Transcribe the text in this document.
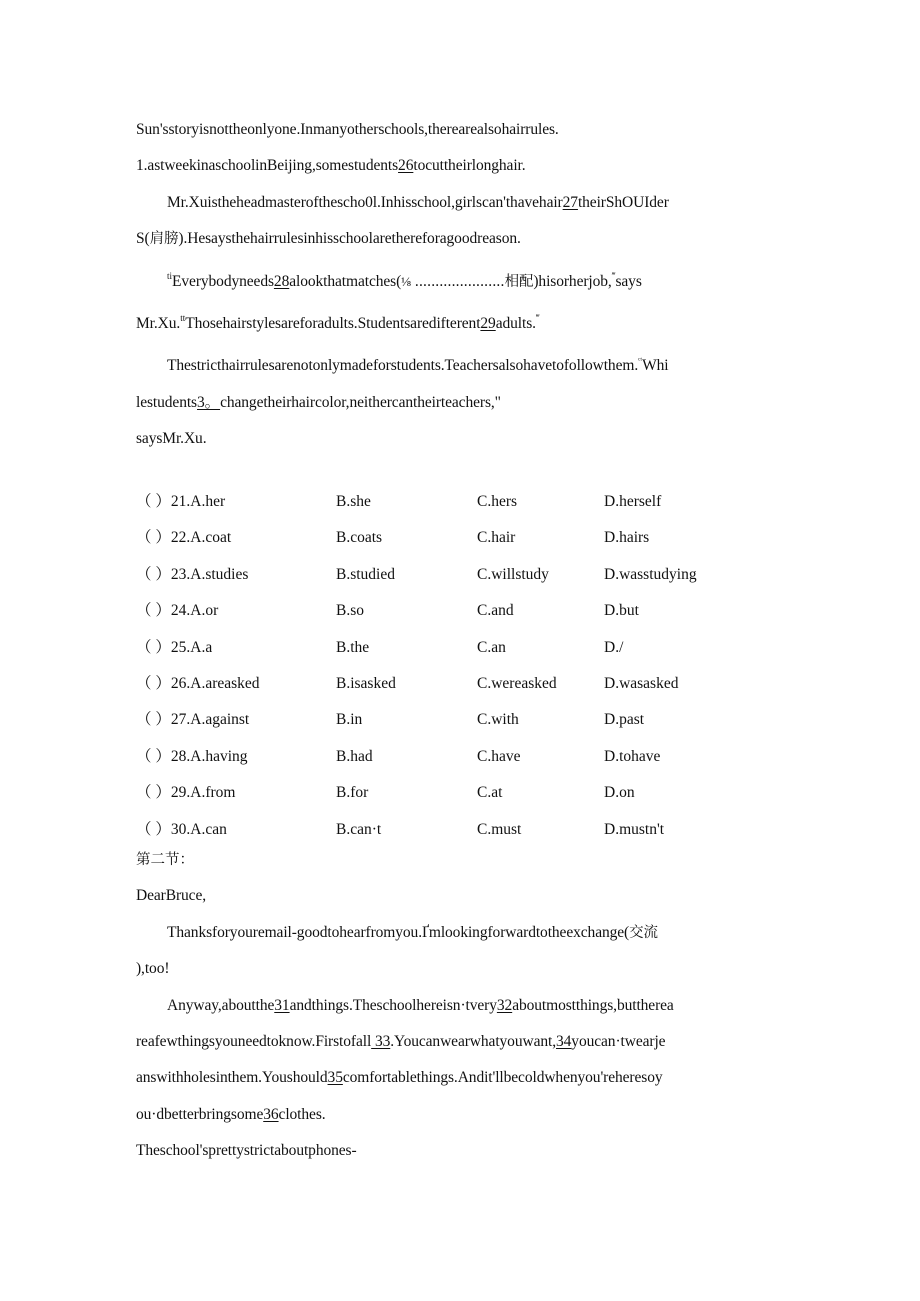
Sun'sstoryisnottheonlyone.Inmanyotherschools,therearealsohairrules.
1.astweekinaschoolinBeijing,somestudents26tocuttheirlonghair.
Mr.Xuistheheadmasterofthescho0l.Inhisschool,girlscan'thavehair27theirShOUIder
S(肩膀).Hesaysthehairrulesinhisschoolarethereforagoodreason.
$^{ti}$Everybodyneeds28alookthatmatches(⅛ ......................相配)hisorherjob,‴says
Mr.Xu.$^{tt}$Thosehairstylesareforadults.Studentsaredifterent29adults.‴
Thestricthairrulesarenotonlymadeforstudents.Teachersalsohavetofollowthem.$^{ᶜᵗ}$Whi
lestudents3。changetheirhaircolor,neithercantheirteachers,"
saysMr.Xu.
（ ）21.A.her	B.she	C.hers	D.herself
（ ）22.A.coat	B.coats	C.hair	D.hairs
（ ）23.A.studies	B.studied	C.willstudy	D.wasstudying
（ ）24.A.or	B.so	C.and	D.but
（ ）25.A.a	B.the	C.an	D./
（ ）26.A.areasked	B.isasked	C.wereasked	D.wasasked
（ ）27.A.against	B.in	C.with	D.past
（ ）28.A.having	B.had	C.have	D.tohave
（ ）29.A.from	B.for	C.at	D.on
（ ）30.A.can	B.can·t	C.must	D.mustn't
第二节：
DearBruce,
Thanksforyouremail-goodtohearfromyou.Ґmlookingforwardtotheexchange(交流
),too!
Anyway,aboutthe31andthings.Theschoolhereisn·tvery32aboutmostthings,buttherea
reafewthingsyouneedtoknow.Firstofall 33.Youcanwearwhatyouwant,34youcan·twearje
answithholesinthem.Youshould35comfortablethings.Andit'llbecoldwhenyou'reheresoy
ou·dbetterbringsome36clothes.
Theschool'sprettystrictaboutphones-
